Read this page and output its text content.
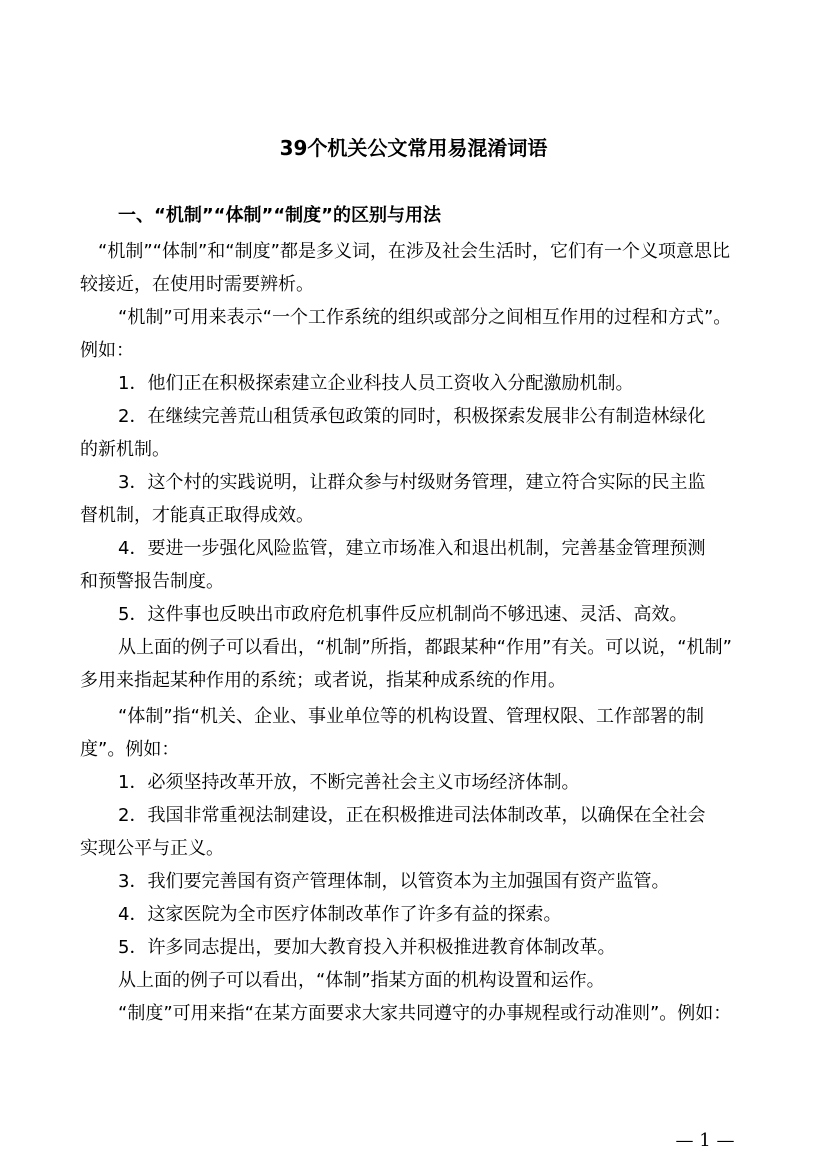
39个机关公文常用易混淆词语
一、“机制”“体制”“制度”的区别与用法
“机制”“体制”和“制度”都是多义词，在涉及社会生活时，它们有一个义项意思比
较接近，在使用时需要辨析。
“机制”可用来表示“一个工作系统的组织或部分之间相互作用的过程和方式”。
例如：
1．他们正在积极探索建立企业科技人员工资收入分配激励机制。
2．在继续完善荒山租赁承包政策的同时，积极探索发展非公有制造林绿化
的新机制。
3．这个村的实践说明，让群众参与村级财务管理，建立符合实际的民主监
督机制，才能真正取得成效。
4．要进一步强化风险监管，建立市场准入和退出机制，完善基金管理预测
和预警报告制度。
5．这件事也反映出市政府危机事件反应机制尚不够迅速、灵活、高效。
从上面的例子可以看出，“机制”所指，都跟某种“作用”有关。可以说，“机制”
多用来指起某种作用的系统；或者说，指某种成系统的作用。
“体制”指“机关、企业、事业单位等的机构设置、管理权限、工作部署的制
度”。例如：
1．必须坚持改革开放，不断完善社会主义市场经济体制。
2．我国非常重视法制建设，正在积极推进司法体制改革，以确保在全社会
实现公平与正义。
3．我们要完善国有资产管理体制，以管资本为主加强国有资产监管。
4．这家医院为全市医疗体制改革作了许多有益的探索。
5．许多同志提出，要加大教育投入并积极推进教育体制改革。
从上面的例子可以看出，“体制”指某方面的机构设置和运作。
“制度”可用来指“在某方面要求大家共同遵守的办事规程或行动准则”。例如：
— 1 —
